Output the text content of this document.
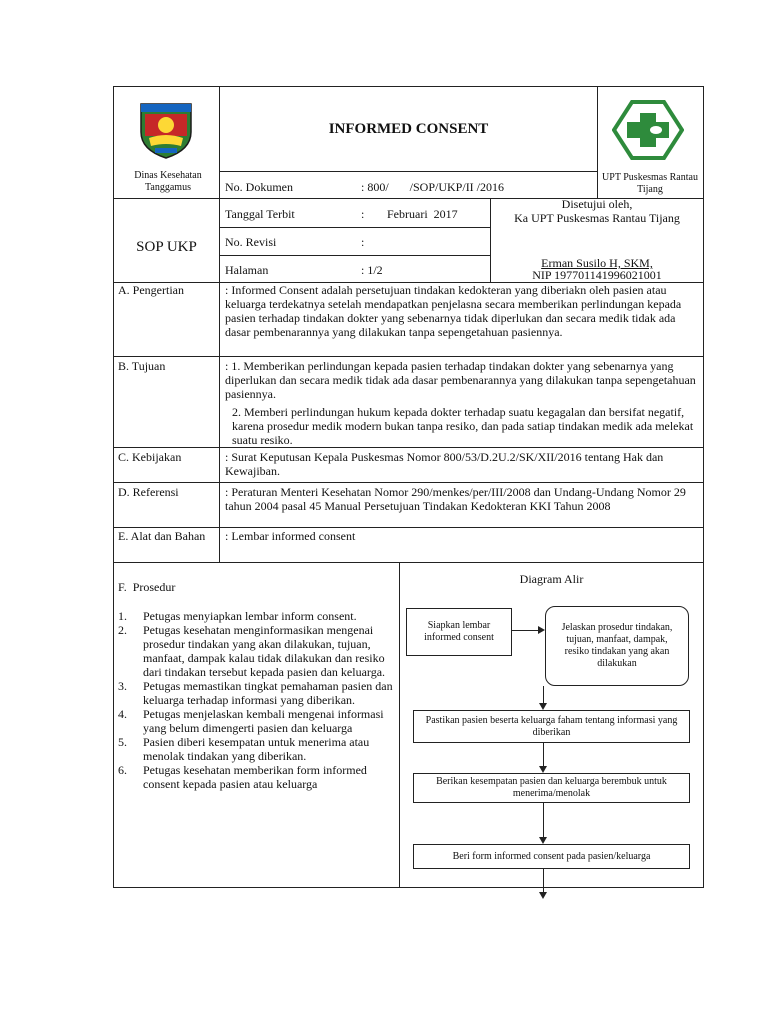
Dinas Kesehatan Tanggamus
INFORMED CONSENT
UPT Puskesmas Rantau Tijang
SOP UKP
No. Dokumen	: 800/       /SOP/UKP/II /2016
Tanggal Terbit	: Februari  2017
No. Revisi	:
Halaman	: 1/2
Disetujui oleh,
Ka UPT Puskesmas Rantau Tijang
Erman Susilo H, SKM,
NIP 197701141996021001
A. Pengertian	: Informed Consent adalah persetujuan tindakan kedokteran yang diberiakn oleh pasien atau keluarga terdekatnya setelah mendapatkan penjelasna secara memberikan perlindungan kepada pasien terhadap tindakan dokter yang sebenarnya tidak diperlukan dan secara medik tidak ada dasar pembenarannya yang dilakukan tanpa sepengetahuan pasiennya.
B. Tujuan	: 1. Memberikan perlindungan kepada pasien terhadap tindakan dokter yang sebenarnya yang diperlukan dan secara medik tidak ada dasar pembenarannya yang dilakukan tanpa sepengetahuan pasiennya.
2. Memberi perlindungan hukum kepada dokter terhadap suatu kegagalan dan bersifat negatif, karena prosedur medik modern bukan tanpa resiko, dan pada satiap tindakan medik ada melekat suatu resiko.
C. Kebijakan	: Surat Keputusan Kepala Puskesmas Nomor 800/53/D.2U.2/SK/XII/2016 tentang Hak dan Kewajiban.
D. Referensi	: Peraturan Menteri Kesehatan Nomor 290/menkes/per/III/2008 dan Undang-Undang Nomor 29 tahun 2004 pasal 45 Manual Persetujuan Tindakan Kedokteran KKI Tahun 2008
E. Alat dan Bahan	: Lembar informed consent
F.  Prosedur
1. Petugas menyiapkan lembar inform consent.
2. Petugas kesehatan menginformasikan mengenai prosedur tindakan yang akan dilakukan, tujuan, manfaat, dampak kalau tidak dilakukan dan resiko dari tindakan tersebut kepada pasien dan keluarga.
3. Petugas memastikan tingkat pemahaman pasien dan keluarga terhadap informasi yang diberikan.
4. Petugas menjelaskan kembali mengenai informasi yang belum dimengerti pasien dan keluarga
5. Pasien diberi kesempatan untuk menerima atau menolak tindakan yang diberikan.
6. Petugas kesehatan memberikan form informed consent kepada pasien atau keluarga
Diagram Alir
Siapkan lembar informed consent
Jelaskan prosedur tindakan, tujuan, manfaat, dampak, resiko tindakan yang akan dilakukan
Pastikan pasien beserta keluarga faham tentang informasi yang diberikan
Berikan kesempatan pasien dan keluarga berembuk untuk menerima/menolak
Beri form informed consent pada pasien/keluarga
